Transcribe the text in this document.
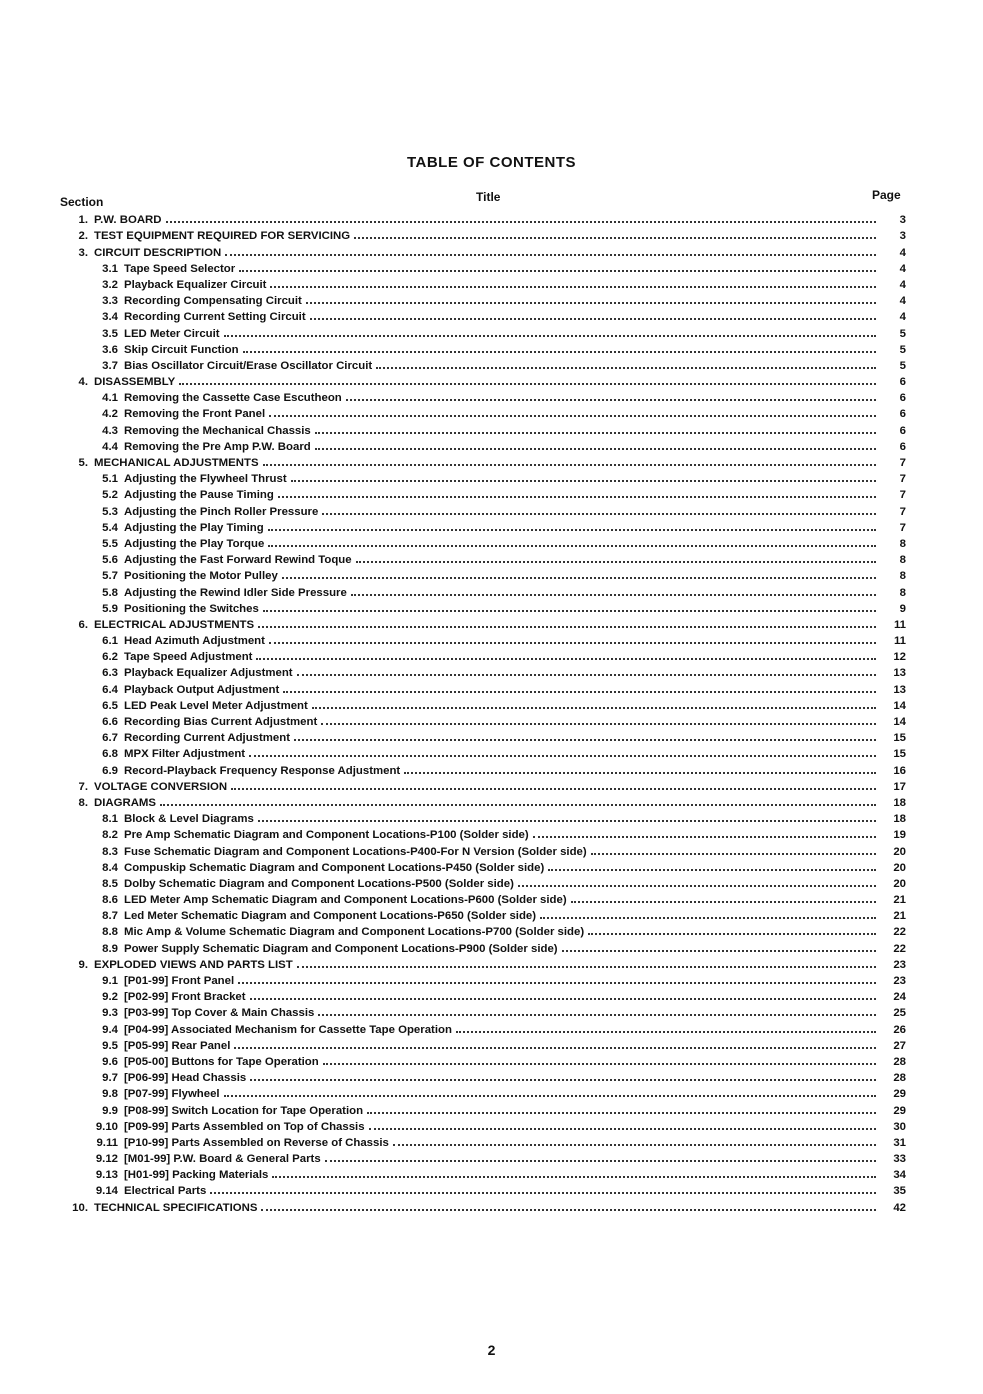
TABLE OF CONTENTS
Section	Title	Page
1. P.W. BOARD	3
2. TEST EQUIPMENT REQUIRED FOR SERVICING	3
3. CIRCUIT DESCRIPTION	4
3.1 Tape Speed Selector	4
3.2 Playback Equalizer Circuit	4
3.3 Recording Compensating Circuit	4
3.4 Recording Current Setting Circuit	4
3.5 LED Meter Circuit	5
3.6 Skip Circuit Function	5
3.7 Bias Oscillator Circuit/Erase Oscillator Circuit	5
4. DISASSEMBLY	6
4.1 Removing the Cassette Case Escutheon	6
4.2 Removing the Front Panel	6
4.3 Removing the Mechanical Chassis	6
4.4 Removing the Pre Amp P.W. Board	6
5. MECHANICAL ADJUSTMENTS	7
5.1 Adjusting the Flywheel Thrust	7
5.2 Adjusting the Pause Timing	7
5.3 Adjusting the Pinch Roller Pressure	7
5.4 Adjusting the Play Timing	7
5.5 Adjusting the Play Torque	8
5.6 Adjusting the Fast Forward Rewind Toque	8
5.7 Positioning the Motor Pulley	8
5.8 Adjusting the Rewind Idler Side Pressure	8
5.9 Positioning the Switches	9
6. ELECTRICAL ADJUSTMENTS	11
6.1 Head Azimuth Adjustment	11
6.2 Tape Speed Adjustment	12
6.3 Playback Equalizer Adjustment	13
6.4 Playback Output Adjustment	13
6.5 LED Peak Level Meter Adjustment	14
6.6 Recording Bias Current Adjustment	14
6.7 Recording Current Adjustment	15
6.8 MPX Filter Adjustment	15
6.9 Record-Playback Frequency Response Adjustment	16
7. VOLTAGE CONVERSION	17
8. DIAGRAMS	18
8.1 Block & Level Diagrams	18
8.2 Pre Amp Schematic Diagram and Component Locations-P100 (Solder side)	19
8.3 Fuse Schematic Diagram and Component Locations-P400-For N Version (Solder side)	20
8.4 Compuskip Schematic Diagram and Component Locations-P450 (Solder side)	20
8.5 Dolby Schematic Diagram and Component Locations-P500 (Solder side)	20
8.6 LED Meter Amp Schematic Diagram and Component Locations-P600 (Solder side)	21
8.7 Led Meter Schematic Diagram and Component Locations-P650 (Solder side)	21
8.8 Mic Amp & Volume Schematic Diagram and Component Locations-P700 (Solder side)	22
8.9 Power Supply Schematic Diagram and Component Locations-P900 (Solder side)	22
9. EXPLODED VIEWS AND PARTS LIST	23
9.1 [P01-99] Front Panel	23
9.2 [P02-99] Front Bracket	24
9.3 [P03-99] Top Cover & Main Chassis	25
9.4 [P04-99] Associated Mechanism for Cassette Tape Operation	26
9.5 [P05-99] Rear Panel	27
9.6 [P05-00] Buttons for Tape Operation	28
9.7 [P06-99] Head Chassis	28
9.8 [P07-99] Flywheel	29
9.9 [P08-99] Switch Location for Tape Operation	29
9.10 [P09-99] Parts Assembled on Top of Chassis	30
9.11 [P10-99] Parts Assembled on Reverse of Chassis	31
9.12 [M01-99] P.W. Board & General Parts	33
9.13 [H01-99] Packing Materials	34
9.14 Electrical Parts	35
10. TECHNICAL SPECIFICATIONS	42
2
